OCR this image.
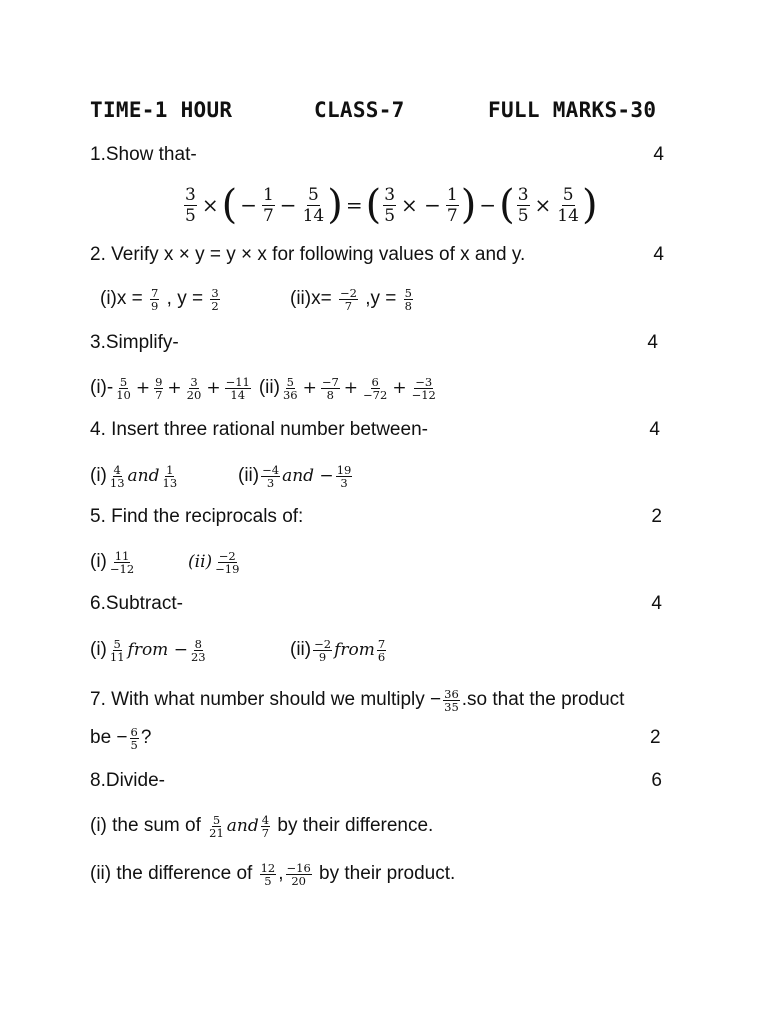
TIME-1 HOUR	CLASS-7	FULL MARKS-30
1.Show that-	4
$\frac{3}{5}$ × ( − $\frac{1}{7} - \frac{5}{14}$ ) = ( $\frac{3}{5}$ × − $\frac{1}{7}$ ) − ( $\frac{3}{5} \times \frac{5}{14}$ )
2. Verify x × y = y × x for following values of x and y.	4
$(i)x = \frac{7}{9}$ , $y = \frac{3}{2}$	$(ii)x= \frac{-2}{7} ,y = \frac{5}{8}$
3.Simplify-	4
$(i)- \frac{5}{10} + \frac{9}{7} + \frac{3}{20} + \frac{-11}{14} (ii) \frac{5}{36} + \frac{-7}{8} + \frac{6}{-72} + \frac{-3}{-12}$
4. Insert three rational number between-	4
$(i) \frac{4}{13}$ and $\frac{1}{13}$	$(ii) \frac{-4}{3}$ and − $\frac{19}{3}$
5. Find the reciprocals of:	2
$(i) \frac{11}{-12}$	$(ii) \frac{-2}{-19}$
6.Subtract-	4
$(i) \frac{5}{11}$ from − $\frac{8}{23}$	$(ii) \frac{-2}{9}$ from $\frac{7}{6}$
7. With what number should we multiply − $\frac{36}{35} .so$ that the product
be − $\frac{6}{5}$ ?	2
8.Divide-	6
(i) the sum of $\frac{5}{21}$ and $\frac{4}{7}$ by their difference.
(ii) the difference of $\frac{12}{5}$ , $\frac{-16}{20}$ by their product.
